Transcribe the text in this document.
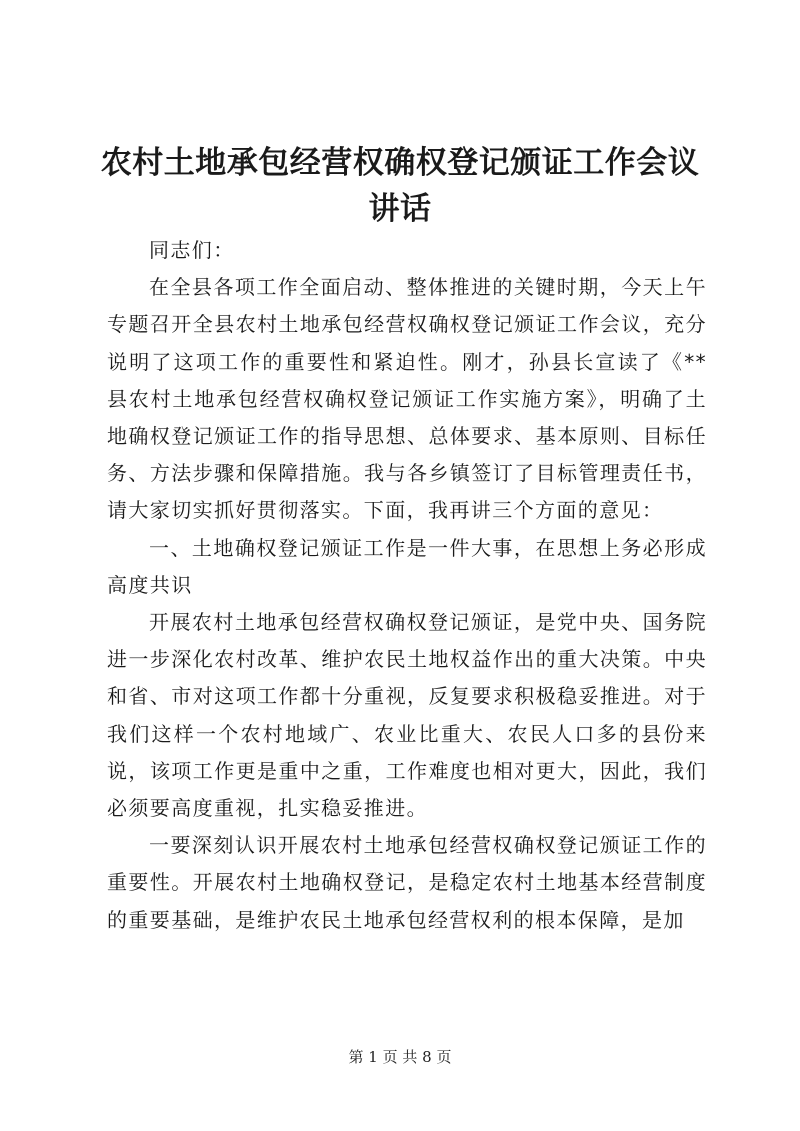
农村土地承包经营权确权登记颁证工作会议讲话

同志们：

在全县各项工作全面启动、整体推进的关键时期，今天上午专题召开全县农村土地承包经营权确权登记颁证工作会议，充分说明了这项工作的重要性和紧迫性。刚才，孙县长宣读了《**县农村土地承包经营权确权登记颁证工作实施方案》，明确了土地确权登记颁证工作的指导思想、总体要求、基本原则、目标任务、方法步骤和保障措施。我与各乡镇签订了目标管理责任书，请大家切实抓好贯彻落实。下面，我再讲三个方面的意见：

一、土地确权登记颁证工作是一件大事，在思想上务必形成高度共识

开展农村土地承包经营权确权登记颁证，是党中央、国务院进一步深化农村改革、维护农民土地权益作出的重大决策。中央和省、市对这项工作都十分重视，反复要求积极稳妥推进。对于我们这样一个农村地域广、农业比重大、农民人口多的县份来说，该项工作更是重中之重，工作难度也相对更大，因此，我们必须要高度重视，扎实稳妥推进。

一要深刻认识开展农村土地承包经营权确权登记颁证工作的重要性。开展农村土地确权登记，是稳定农村土地基本经营制度的重要基础，是维护农民土地承包经营权利的根本保障，是加

第 1 页 共 8 页
